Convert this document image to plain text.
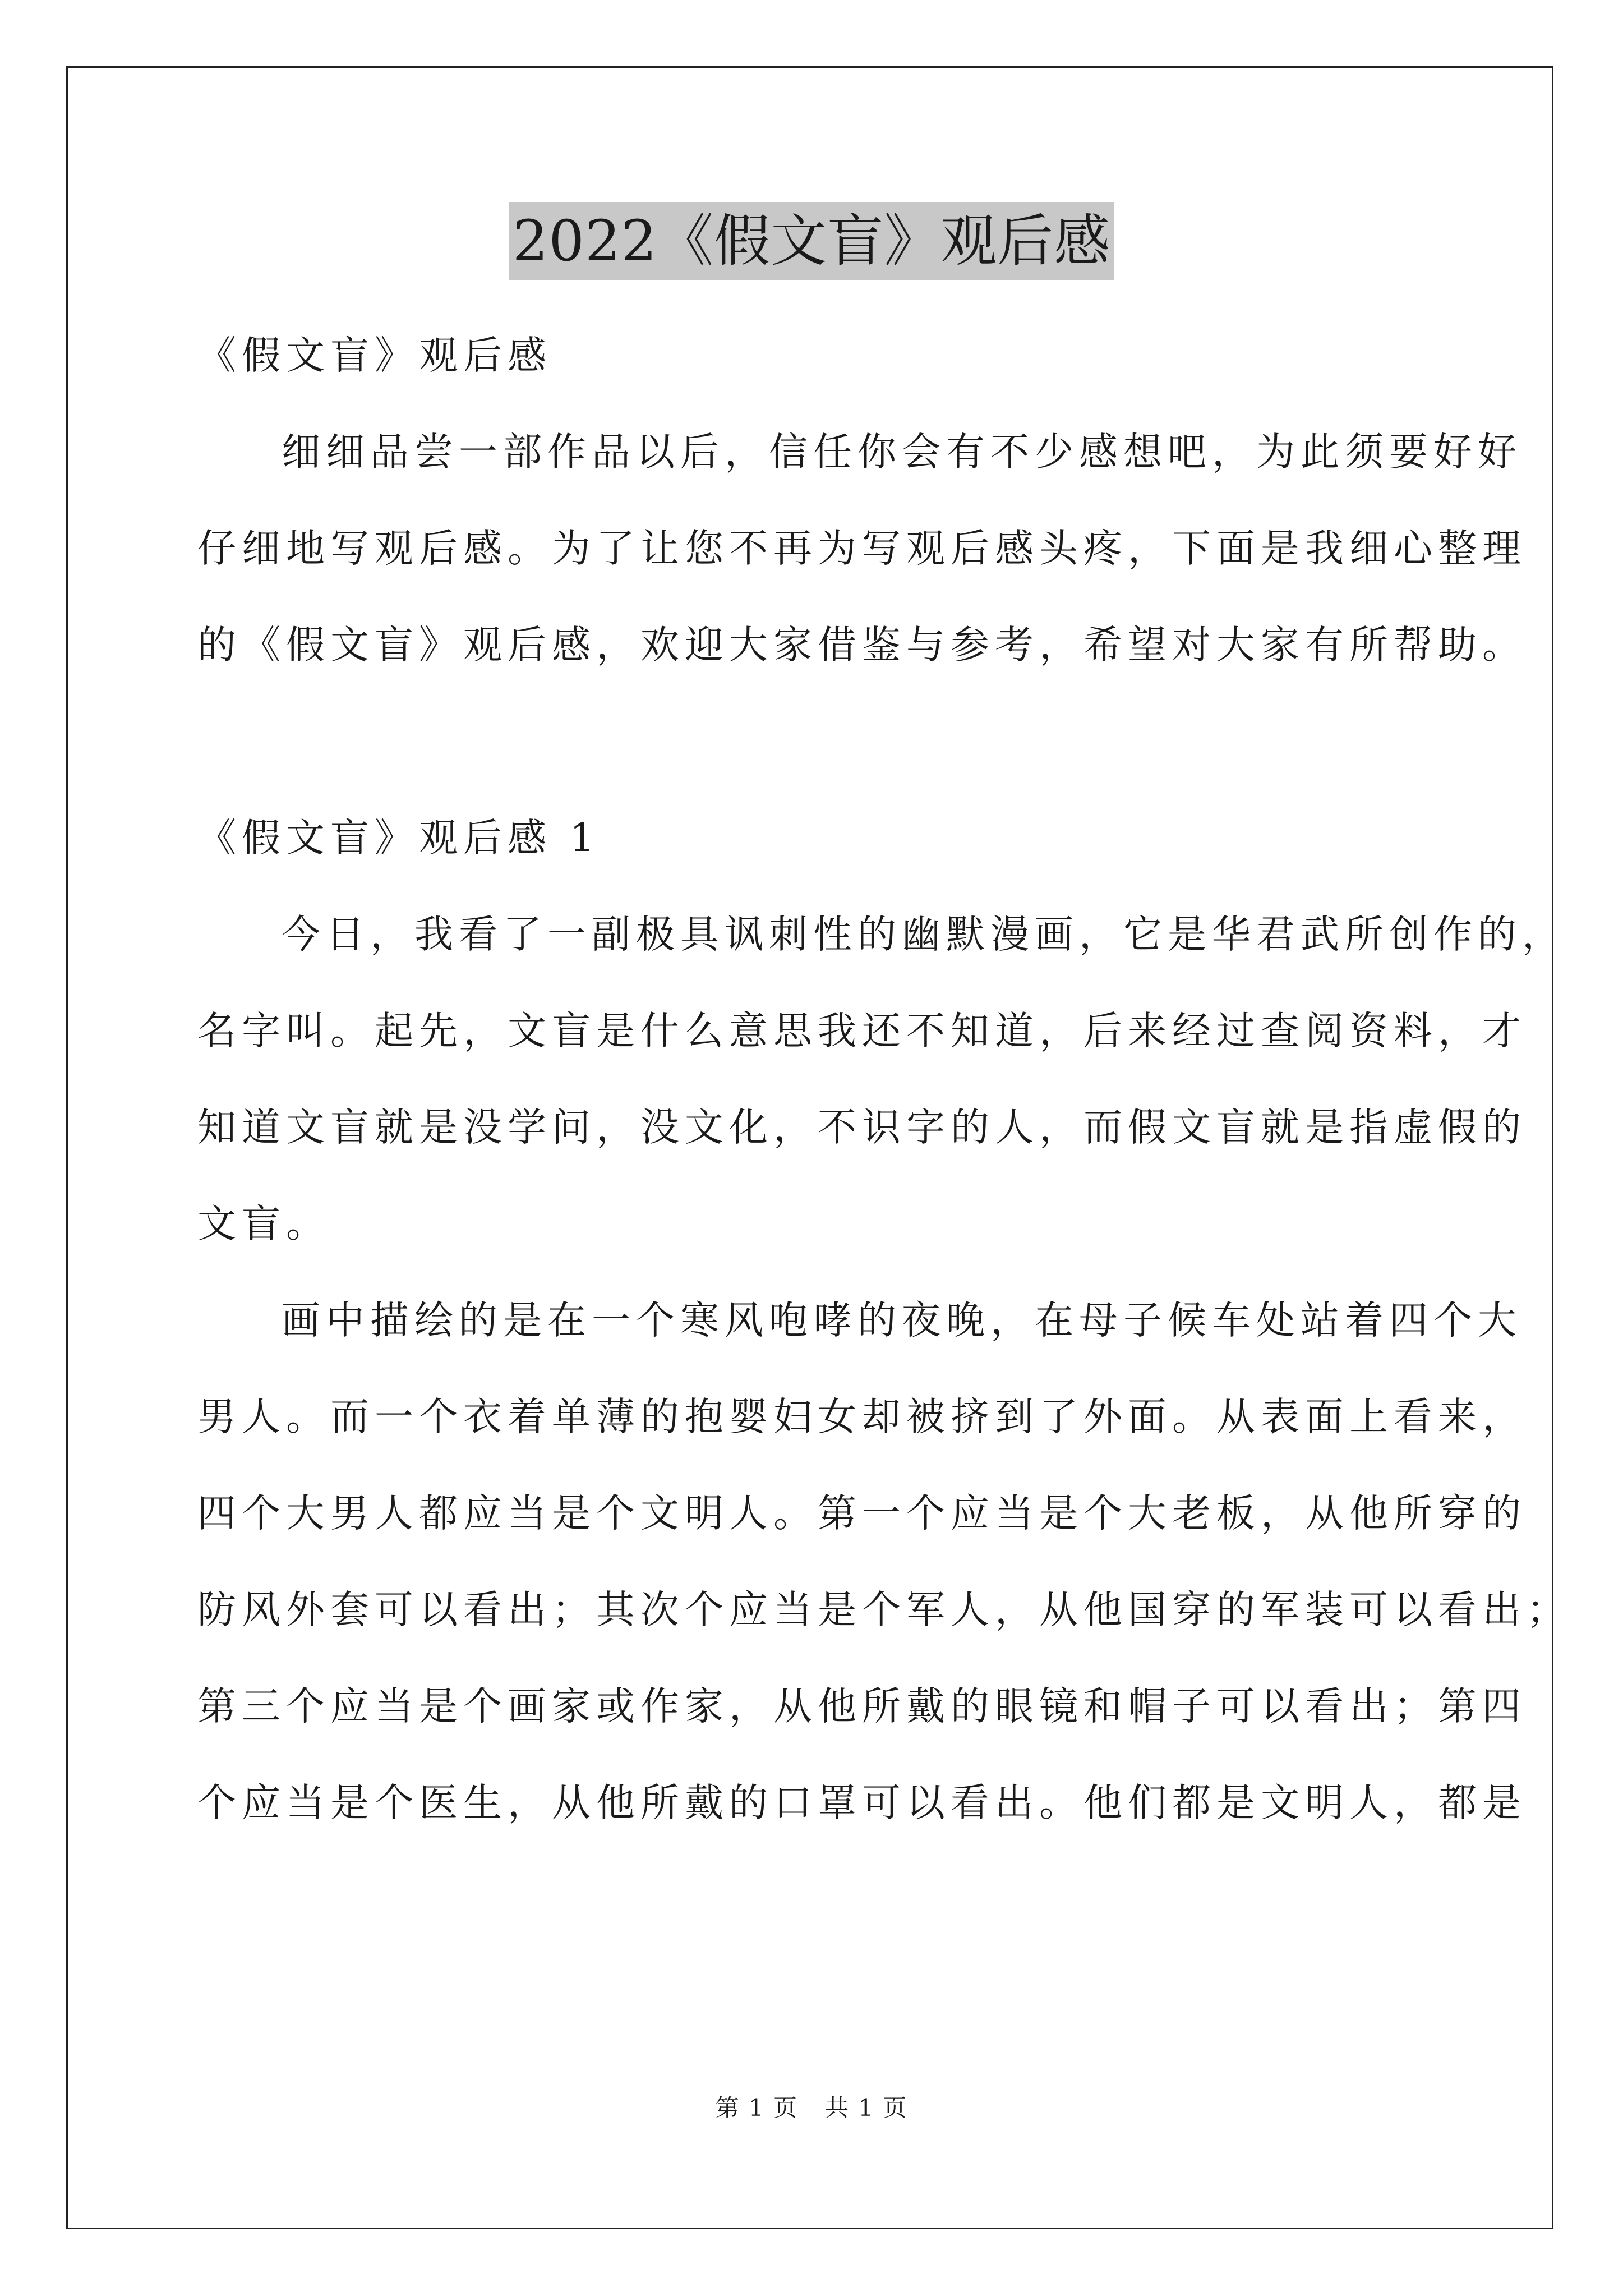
2022《假文盲》观后感
《假文盲》观后感
细细品尝一部作品以后，信任你会有不少感想吧，为此须要好好
仔细地写观后感。为了让您不再为写观后感头疼，下面是我细心整理
的《假文盲》观后感，欢迎大家借鉴与参考，希望对大家有所帮助。
《假文盲》观后感 1
今日，我看了一副极具讽刺性的幽默漫画，它是华君武所创作的，
名字叫。起先，文盲是什么意思我还不知道，后来经过查阅资料，才
知道文盲就是没学问，没文化，不识字的人，而假文盲就是指虚假的
文盲。
画中描绘的是在一个寒风咆哮的夜晚，在母子候车处站着四个大
男人。而一个衣着单薄的抱婴妇女却被挤到了外面。从表面上看来，
四个大男人都应当是个文明人。第一个应当是个大老板，从他所穿的
防风外套可以看出；其次个应当是个军人，从他国穿的军装可以看出；
第三个应当是个画家或作家，从他所戴的眼镜和帽子可以看出；第四
个应当是个医生，从他所戴的口罩可以看出。他们都是文明人，都是
第 1 页 共 1 页
